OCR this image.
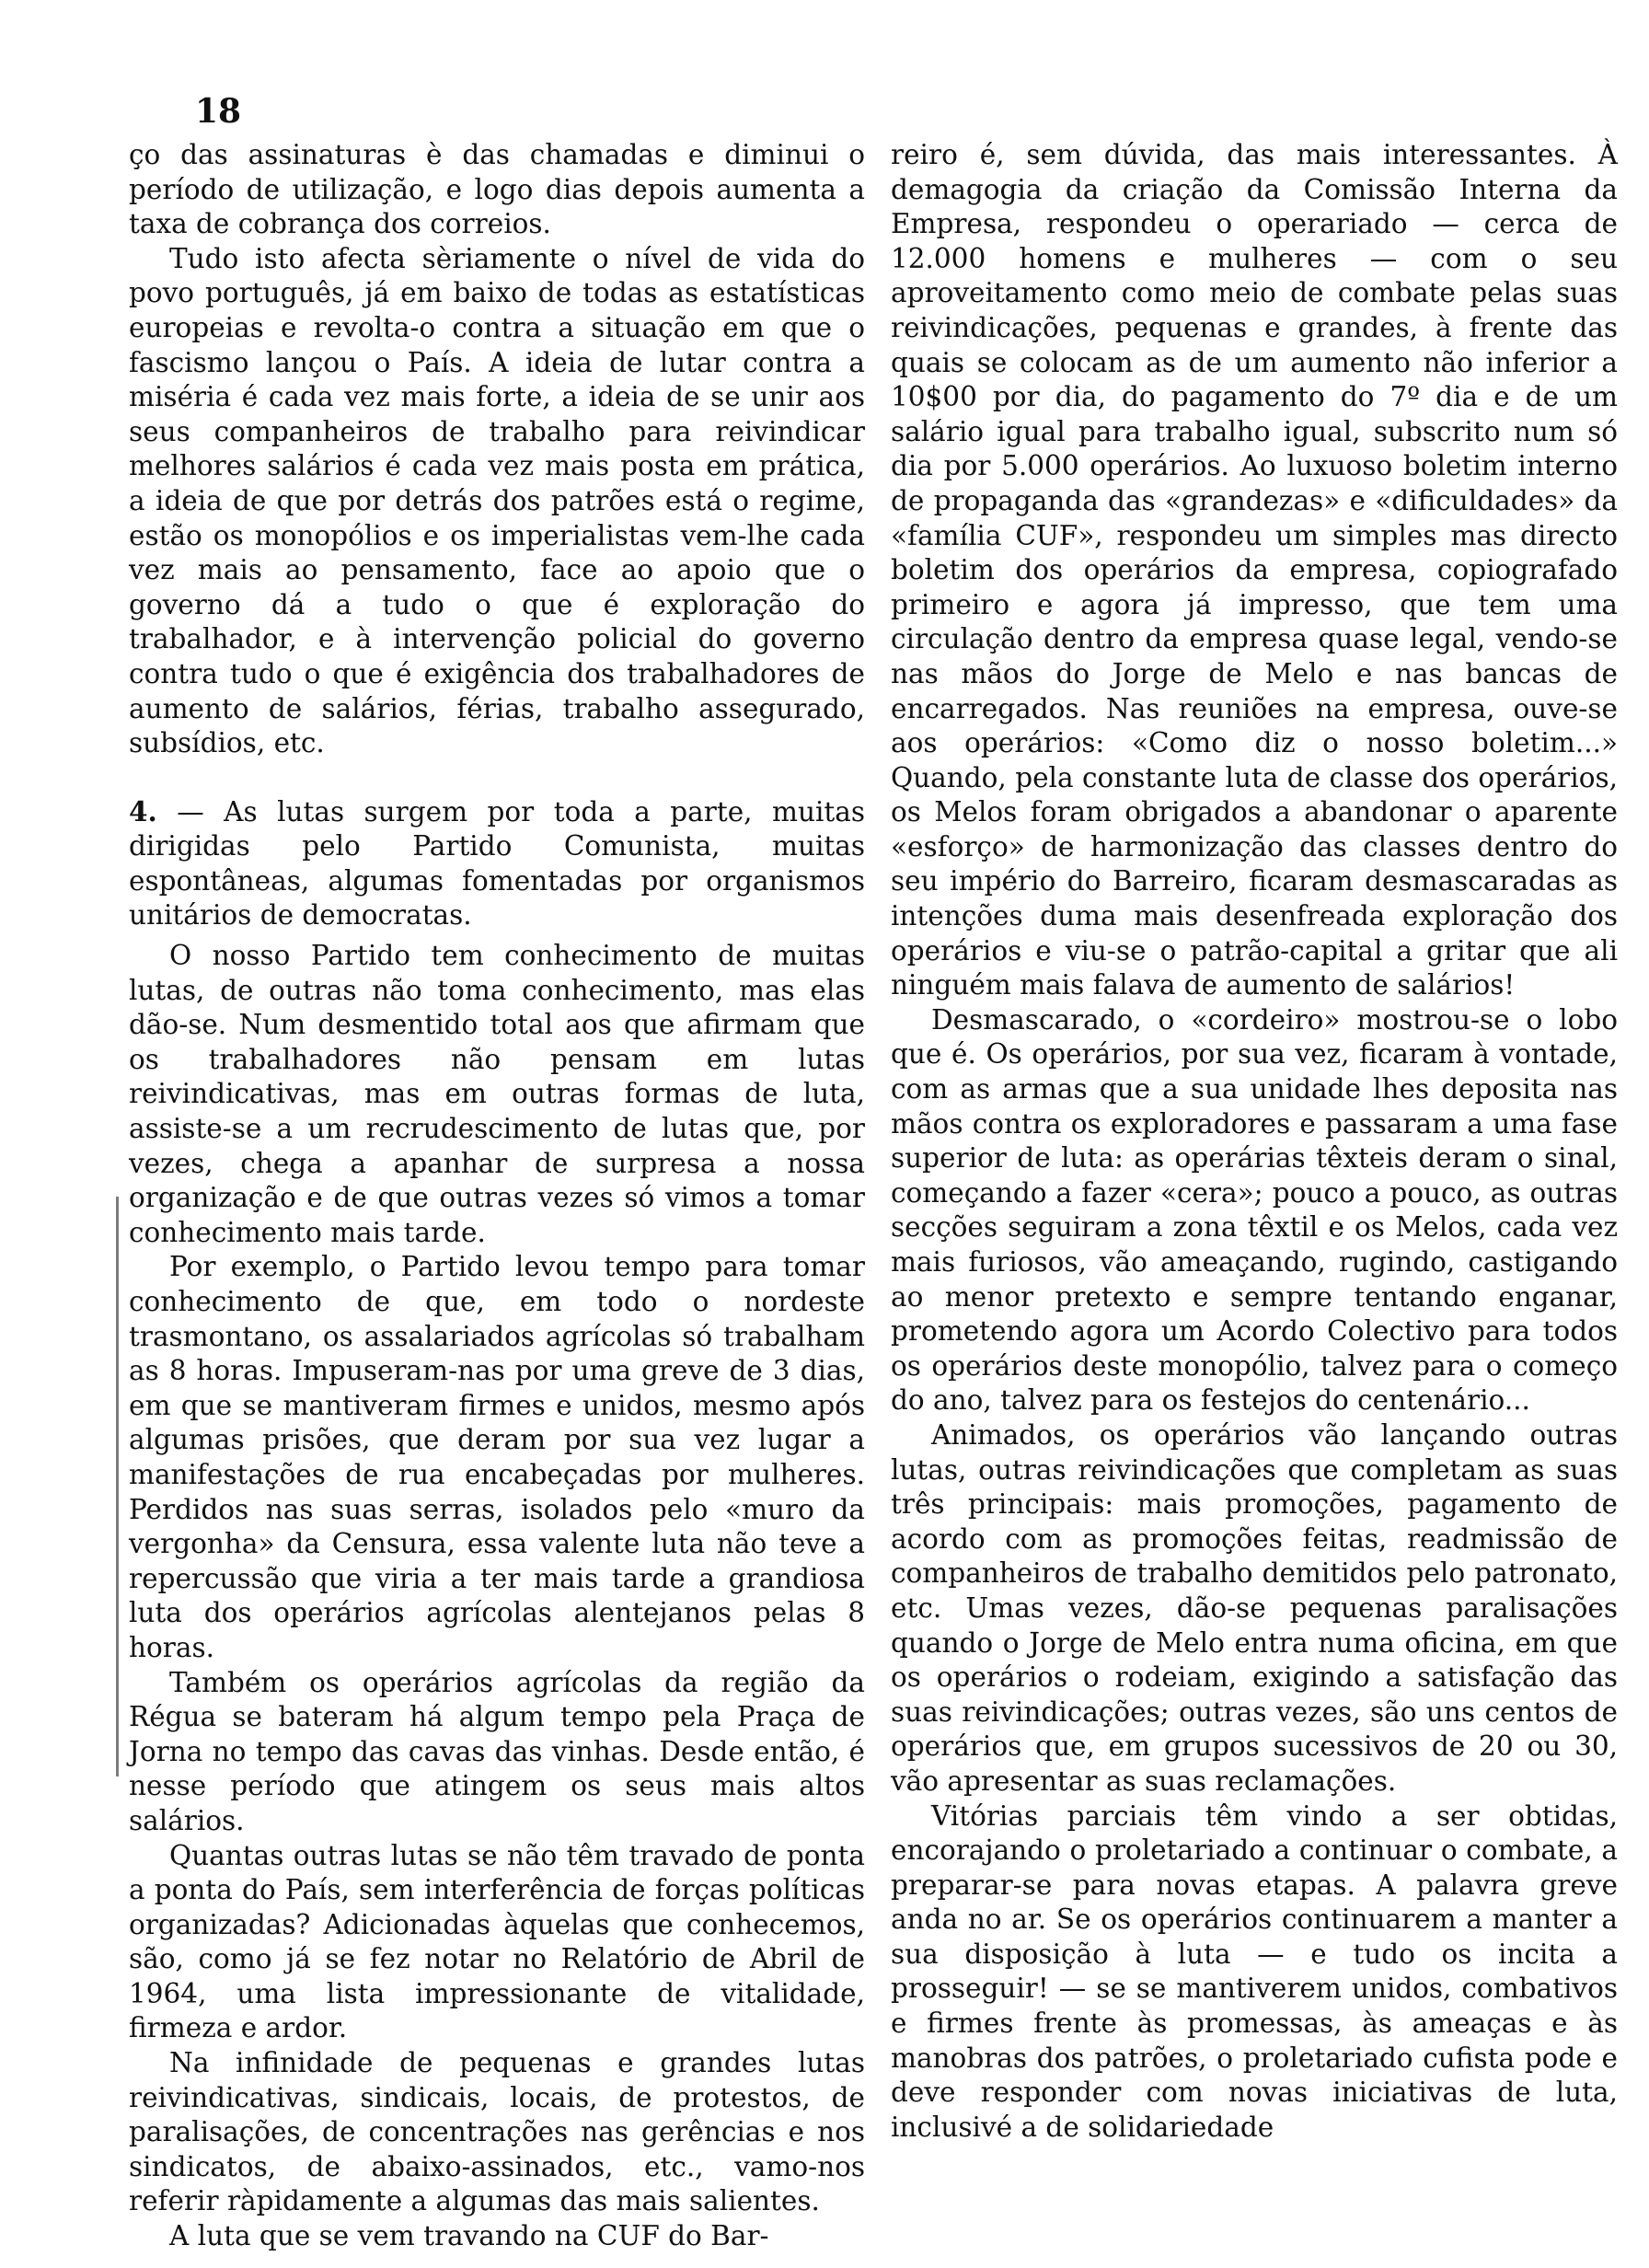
18

ço das assinaturas è das chamadas e diminui o período de utilização, e logo dias depois aumenta a taxa de cobrança dos correios.

Tudo isto afecta sèriamente o nível de vida do povo português, já em baixo de todas as estatísticas europeias e revolta-o contra a situação em que o fascismo lançou o País. A ideia de lutar contra a miséria é cada vez mais forte, a ideia de se unir aos seus companheiros de trabalho para reivindicar melhores salários é cada vez mais posta em prática, a ideia de que por detrás dos patrões está o regime, estão os monopólios e os imperialistas vem-lhe cada vez mais ao pensamento, face ao apoio que o governo dá a tudo o que é exploração do trabalhador, e à intervenção policial do governo contra tudo o que é exigência dos trabalhadores de aumento de salários, férias, trabalho assegurado, subsídios, etc.

4. — As lutas surgem por toda a parte, muitas dirigidas pelo Partido Comunista, muitas espontâneas, algumas fomentadas por organismos unitários de democratas.

O nosso Partido tem conhecimento de muitas lutas, de outras não toma conhecimento, mas elas dão-se. Num desmentido total aos que afirmam que os trabalhadores não pensam em lutas reivindicativas, mas em outras formas de luta, assiste-se a um recrudescimento de lutas que, por vezes, chega a apanhar de surpresa a nossa organização e de que outras vezes só vimos a tomar conhecimento mais tarde.

Por exemplo, o Partido levou tempo para tomar conhecimento de que, em todo o nordeste trasmontano, os assalariados agrícolas só trabalham as 8 horas. Impuseram-nas por uma greve de 3 dias, em que se mantiveram firmes e unidos, mesmo após algumas prisões, que deram por sua vez lugar a manifestações de rua encabeçadas por mulheres. Perdidos nas suas serras, isolados pelo «muro da vergonha» da Censura, essa valente luta não teve a repercussão que viria a ter mais tarde a grandiosa luta dos operários agrícolas alentejanos pelas 8 horas.

Também os operários agrícolas da região da Régua se bateram há algum tempo pela Praça de Jorna no tempo das cavas das vinhas. Desde então, é nesse período que atingem os seus mais altos salários.

Quantas outras lutas se não têm travado de ponta a ponta do País, sem interferência de forças políticas organizadas? Adicionadas àquelas que conhecemos, são, como já se fez notar no Relatório de Abril de 1964, uma lista impressionante de vitalidade, firmeza e ardor.

Na infinidade de pequenas e grandes lutas reivindicativas, sindicais, locais, de protestos, de paralisações, de concentrações nas gerências e nos sindicatos, de abaixo-assinados, etc., vamo-nos referir ràpidamente a algumas das mais salientes.

A luta que se vem travando na CUF do Bar-

reiro é, sem dúvida, das mais interessantes. À demagogia da criação da Comissão Interna da Empresa, respondeu o operariado — cerca de 12.000 homens e mulheres — com o seu aproveitamento como meio de combate pelas suas reivindicações, pequenas e grandes, à frente das quais se colocam as de um aumento não inferior a 10$00 por dia, do pagamento do 7º dia e de um salário igual para trabalho igual, subscrito num só dia por 5.000 operários. Ao luxuoso boletim interno de propaganda das «grandezas» e «dificuldades» da «família CUF», respondeu um simples mas directo boletim dos operários da empresa, copiografado primeiro e agora já impresso, que tem uma circulação dentro da empresa quase legal, vendo-se nas mãos do Jorge de Melo e nas bancas de encarregados. Nas reuniões na empresa, ouve-se aos operários: «Como diz o nosso boletim...» Quando, pela constante luta de classe dos operários, os Melos foram obrigados a abandonar o aparente «esforço» de harmonização das classes dentro do seu império do Barreiro, ficaram desmascaradas as intenções duma mais desenfreada exploração dos operários e viu-se o patrão-capital a gritar que ali ninguém mais falava de aumento de salários!

Desmascarado, o «cordeiro» mostrou-se o lobo que é. Os operários, por sua vez, ficaram à vontade, com as armas que a sua unidade lhes deposita nas mãos contra os exploradores e passaram a uma fase superior de luta: as operárias têxteis deram o sinal, começando a fazer «cera»; pouco a pouco, as outras secções seguiram a zona têxtil e os Melos, cada vez mais furiosos, vão ameaçando, rugindo, castigando ao menor pretexto e sempre tentando enganar, prometendo agora um Acordo Colectivo para todos os operários deste monopólio, talvez para o começo do ano, talvez para os festejos do centenário...

Animados, os operários vão lançando outras lutas, outras reivindicações que completam as suas três principais: mais promoções, pagamento de acordo com as promoções feitas, readmissão de companheiros de trabalho demitidos pelo patronato, etc. Umas vezes, dão-se pequenas paralisações quando o Jorge de Melo entra numa oficina, em que os operários o rodeiam, exigindo a satisfação das suas reivindicações; outras vezes, são uns centos de operários que, em grupos sucessivos de 20 ou 30, vão apresentar as suas reclamações.

Vitórias parciais têm vindo a ser obtidas, encorajando o proletariado a continuar o combate, a preparar-se para novas etapas. A palavra greve anda no ar. Se os operários continuarem a manter a sua disposição à luta — e tudo os incita a prosseguir! — se se mantiverem unidos, combativos e firmes frente às promessas, às ameaças e às manobras dos patrões, o proletariado cufista pode e deve responder com novas iniciativas de luta, inclusivé a de solidariedade
